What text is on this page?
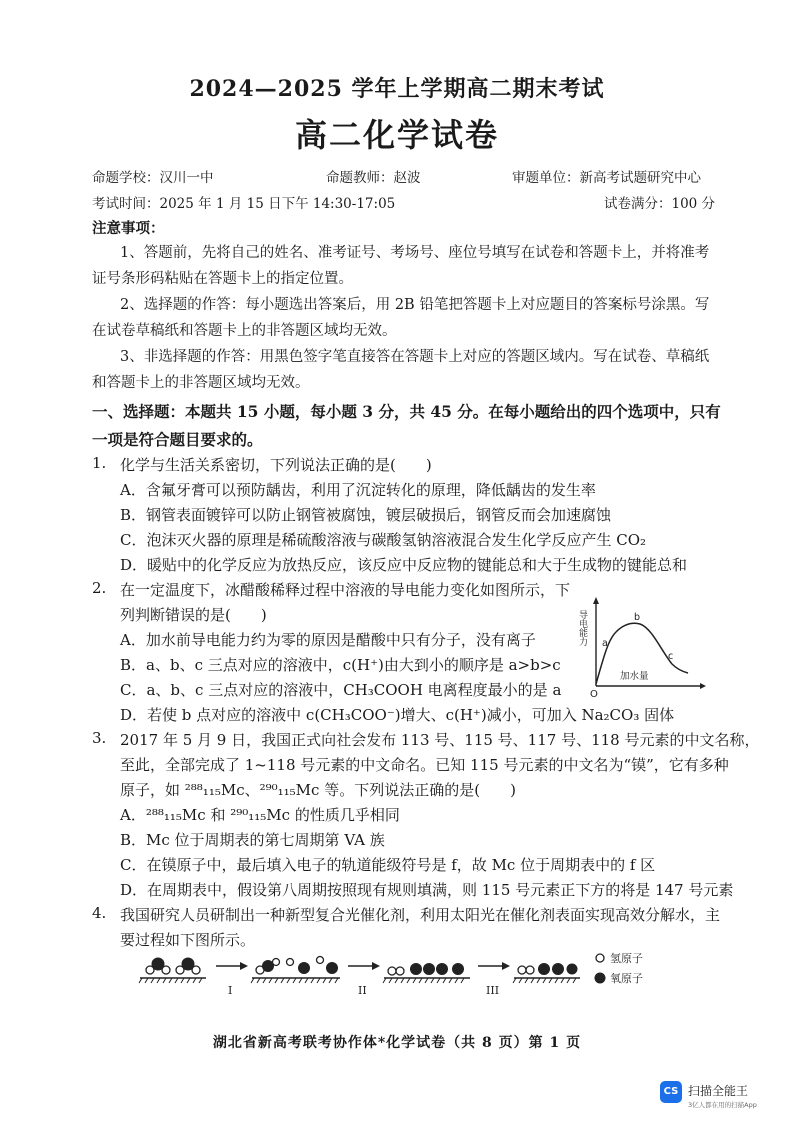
2024—2025 学年上学期高二期末考试
高二化学试卷
命题学校：汉川一中	命题教师：赵波	审题单位：新高考试题研究中心
考试时间：2025 年 1 月 15 日下午 14:30-17:05	试卷满分：100 分
注意事项：
1、答题前，先将自己的姓名、准考证号、考场号、座位号填写在试卷和答题卡上，并将准考证号条形码粘贴在答题卡上的指定位置。
2、选择题的作答：每小题选出答案后，用 2B 铅笔把答题卡上对应题目的答案标号涂黑。写在试卷草稿纸和答题卡上的非答题区域均无效。
3、非选择题的作答：用黑色签字笔直接答在答题卡上对应的答题区域内。写在试卷、草稿纸和答题卡上的非答题区域均无效。
一、选择题：本题共 15 小题，每小题 3 分，共 45 分。在每小题给出的四个选项中，只有一项是符合题目要求的。
1. 化学与生活关系密切，下列说法正确的是(　　)
A．含氟牙膏可以预防龋齿，利用了沉淀转化的原理，降低龋齿的发生率
B．钢管表面镀锌可以防止钢管被腐蚀，镀层破损后，钢管反而会加速腐蚀
C．泡沫灭火器的原理是稀硫酸溶液与碳酸氢钠溶液混合发生化学反应产生 CO₂
D．暖贴中的化学反应为放热反应，该反应中反应物的键能总和大于生成物的键能总和
2. 在一定温度下，冰醋酸稀释过程中溶液的导电能力变化如图所示，下
列判断错误的是(　　)
A．加水前导电能力约为零的原因是醋酸中只有分子，没有离子
B．a、b、c 三点对应的溶液中，c(H⁺)由大到小的顺序是 a>b>c
C．a、b、c 三点对应的溶液中，CH₃COOH 电离程度最小的是 a
D．若使 b 点对应的溶液中 c(CH₃COO⁻)增大、c(H⁺)减小，可加入 Na₂CO₃ 固体
O
加水量
导电能力 a
b
c
3. 2017 年 5 月 9 日，我国正式向社会发布 113 号、115 号、117 号、118 号元素的中文名称，
至此，全部完成了 1~118 号元素的中文命名。已知 115 号元素的中文名为“镆”，它有多种
原子，如 ²⁸⁸₁₁₅Mc、²⁹⁰₁₁₅Mc 等。下列说法正确的是(　　)
A．²⁸⁸₁₁₅Mc 和 ²⁹⁰₁₁₅Mc 的性质几乎相同
B．Mc 位于周期表的第七周期第 VA 族
C．在镆原子中，最后填入电子的轨道能级符号是 f，故 Mc 位于周期表中的 f 区
D．在周期表中，假设第八周期按照现有规则填满，则 115 号元素正下方的将是 147 号元素
4. 我国研究人员研制出一种新型复合光催化剂，利用太阳光在催化剂表面实现高效分解水，主
要过程如下图所示。
I	II	III
氢原子
氧原子
湖北省新高考联考协作体*化学试卷（共 8 页）第 1 页
CS 扫描全能王
3亿人都在用的扫描App
